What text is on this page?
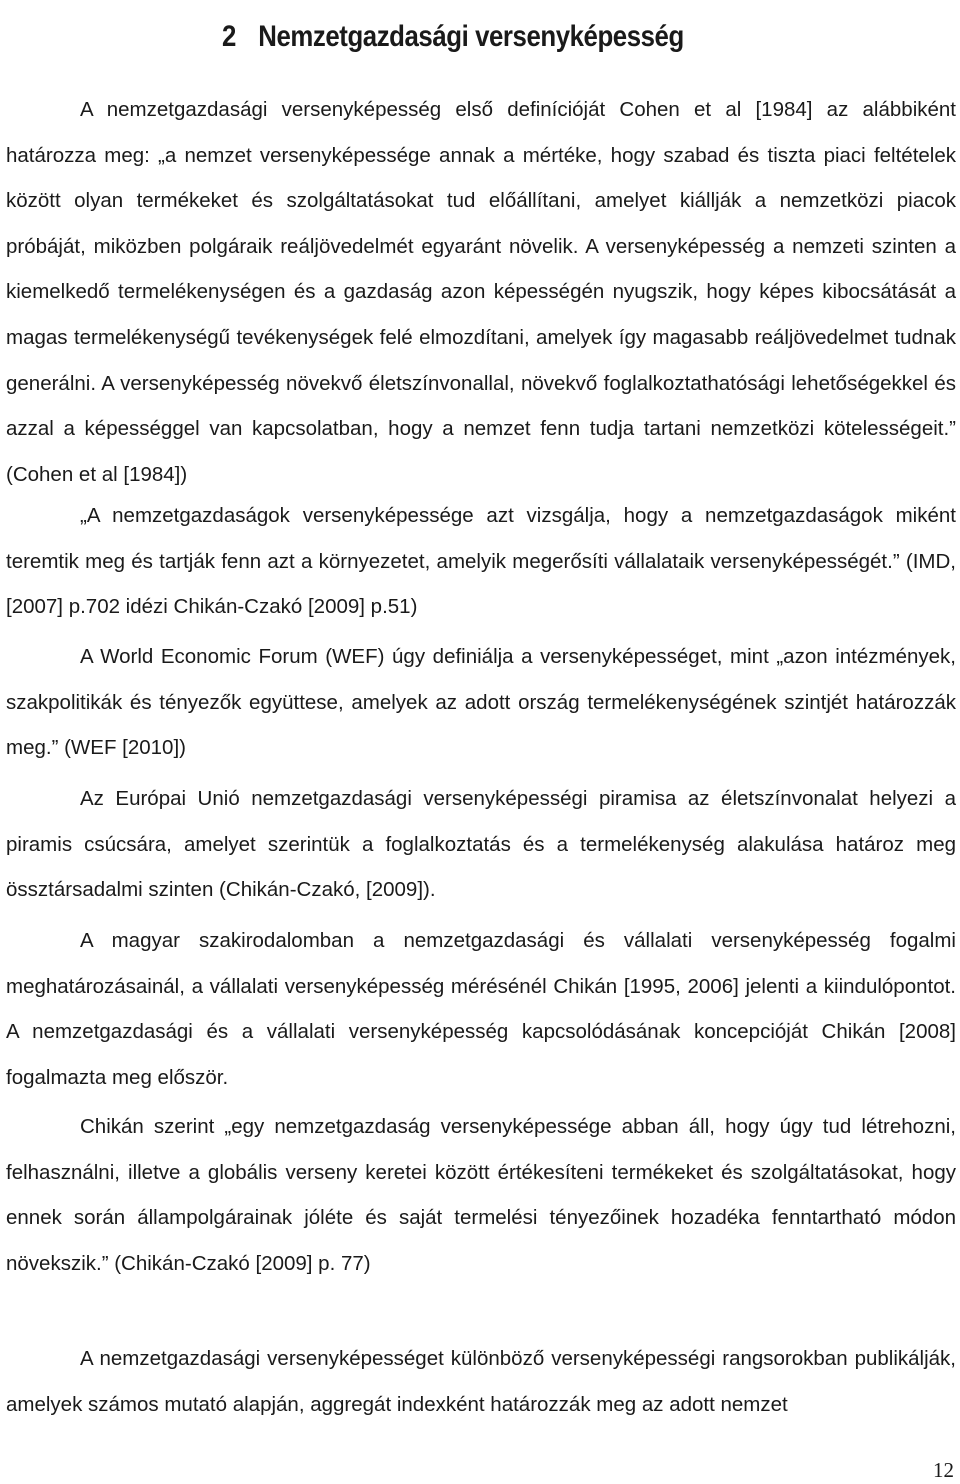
2 Nemzetgazdasági versenyképesség

A nemzetgazdasági versenyképesség első definícióját Cohen et al [1984] az alábbiként határozza meg: „a nemzet versenyképessége annak a mértéke, hogy szabad és tiszta piaci feltételek között olyan termékeket és szolgáltatásokat tud előállítani, amelyet kiállják a nemzetközi piacok próbáját, miközben polgáraik reáljövedelmét egyaránt növelik. A versenyképesség a nemzeti szinten a kiemelkedő termelékenységen és a gazdaság azon képességén nyugszik, hogy képes kibocsátását a magas termelékenységű tevékenységek felé elmozdítani, amelyek így magasabb reáljövedelmet tudnak generálni. A versenyképesség növekvő életszínvonallal, növekvő foglalkoztathatósági lehetőségekkel és azzal a képességgel van kapcsolatban, hogy a nemzet fenn tudja tartani nemzetközi kötelességeit.” (Cohen et al [1984])

„A nemzetgazdaságok versenyképessége azt vizsgálja, hogy a nemzetgazdaságok miként teremtik meg és tartják fenn azt a környezetet, amelyik megerősíti vállalataik versenyképességét.” (IMD, [2007] p.702 idézi Chikán-Czakó [2009] p.51)

A World Economic Forum (WEF) úgy definiálja a versenyképességet, mint „azon intézmények, szakpolitikák és tényezők együttese, amelyek az adott ország termelékenységének szintjét határozzák meg.” (WEF [2010])

Az Európai Unió nemzetgazdasági versenyképességi piramisa az életszínvonalat helyezi a piramis csúcsára, amelyet szerintük a foglalkoztatás és a termelékenység alakulása határoz meg össztársadalmi szinten (Chikán-Czakó, [2009]).

A magyar szakirodalomban a nemzetgazdasági és vállalati versenyképesség fogalmi meghatározásainál, a vállalati versenyképesség mérésénél Chikán [1995, 2006] jelenti a kiindulópontot. A nemzetgazdasági és a vállalati versenyképesség kapcsolódásának koncepcióját Chikán [2008] fogalmazta meg először.

Chikán szerint „egy nemzetgazdaság versenyképessége abban áll, hogy úgy tud létrehozni, felhasználni, illetve a globális verseny keretei között értékesíteni termékeket és szolgáltatásokat, hogy ennek során állampolgárainak jóléte és saját termelési tényezőinek hozadéka fenntartható módon növekszik.” (Chikán-Czakó [2009] p. 77)

A nemzetgazdasági versenyképességet különböző versenyképességi rangsorokban publikálják, amelyek számos mutató alapján, aggregát indexként határozzák meg az adott nemzet

12
